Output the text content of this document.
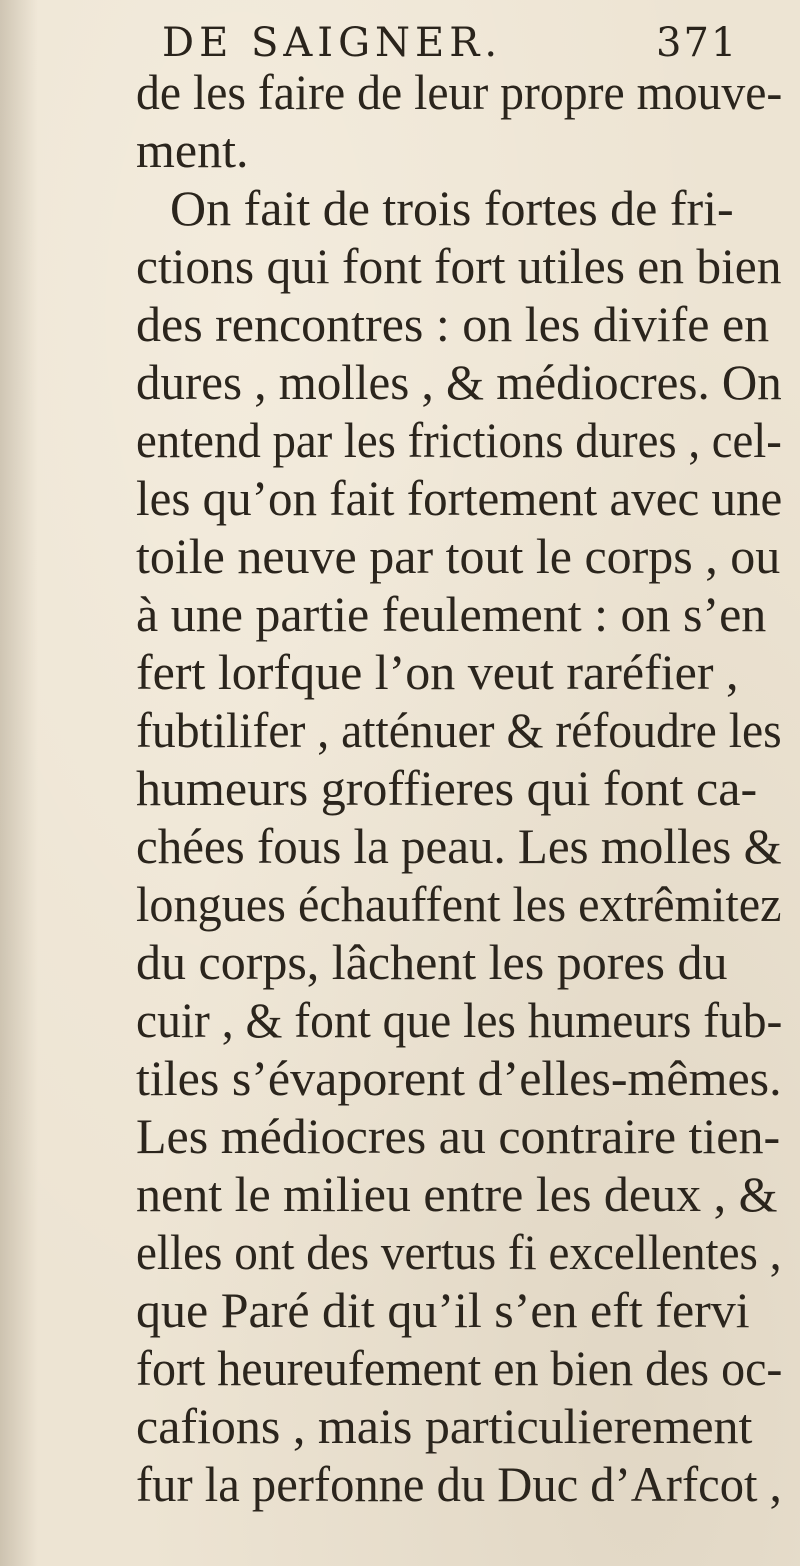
DE SAIGNER.	371
de les faire de leur propre mouve-
ment.
On fait de trois fortes de fri-
ctions qui font fort utiles en bien
des rencontres : on les divife en
dures , molles , & médiocres. On
entend par les frictions dures , cel-
les qu’on fait fortement avec une
toile neuve par tout le corps , ou
à une partie feulement : on s’en
fert lorfque l’on veut raréfier ,
fubtilifer , atténuer & réfoudre les
humeurs groffieres qui font ca-
chées fous la peau. Les molles &
longues échauffent les extrêmitez
du corps, lâchent les pores du
cuir , & font que les humeurs fub-
tiles s’évaporent d’elles-mêmes.
Les médiocres au contraire tien-
nent le milieu entre les deux , &
elles ont des vertus fi excellentes ,
que Paré dit qu’il s’en eft fervi
fort heureufement en bien des oc-
cafions , mais particulierement
fur la perfonne du Duc d’Arfcot ,
